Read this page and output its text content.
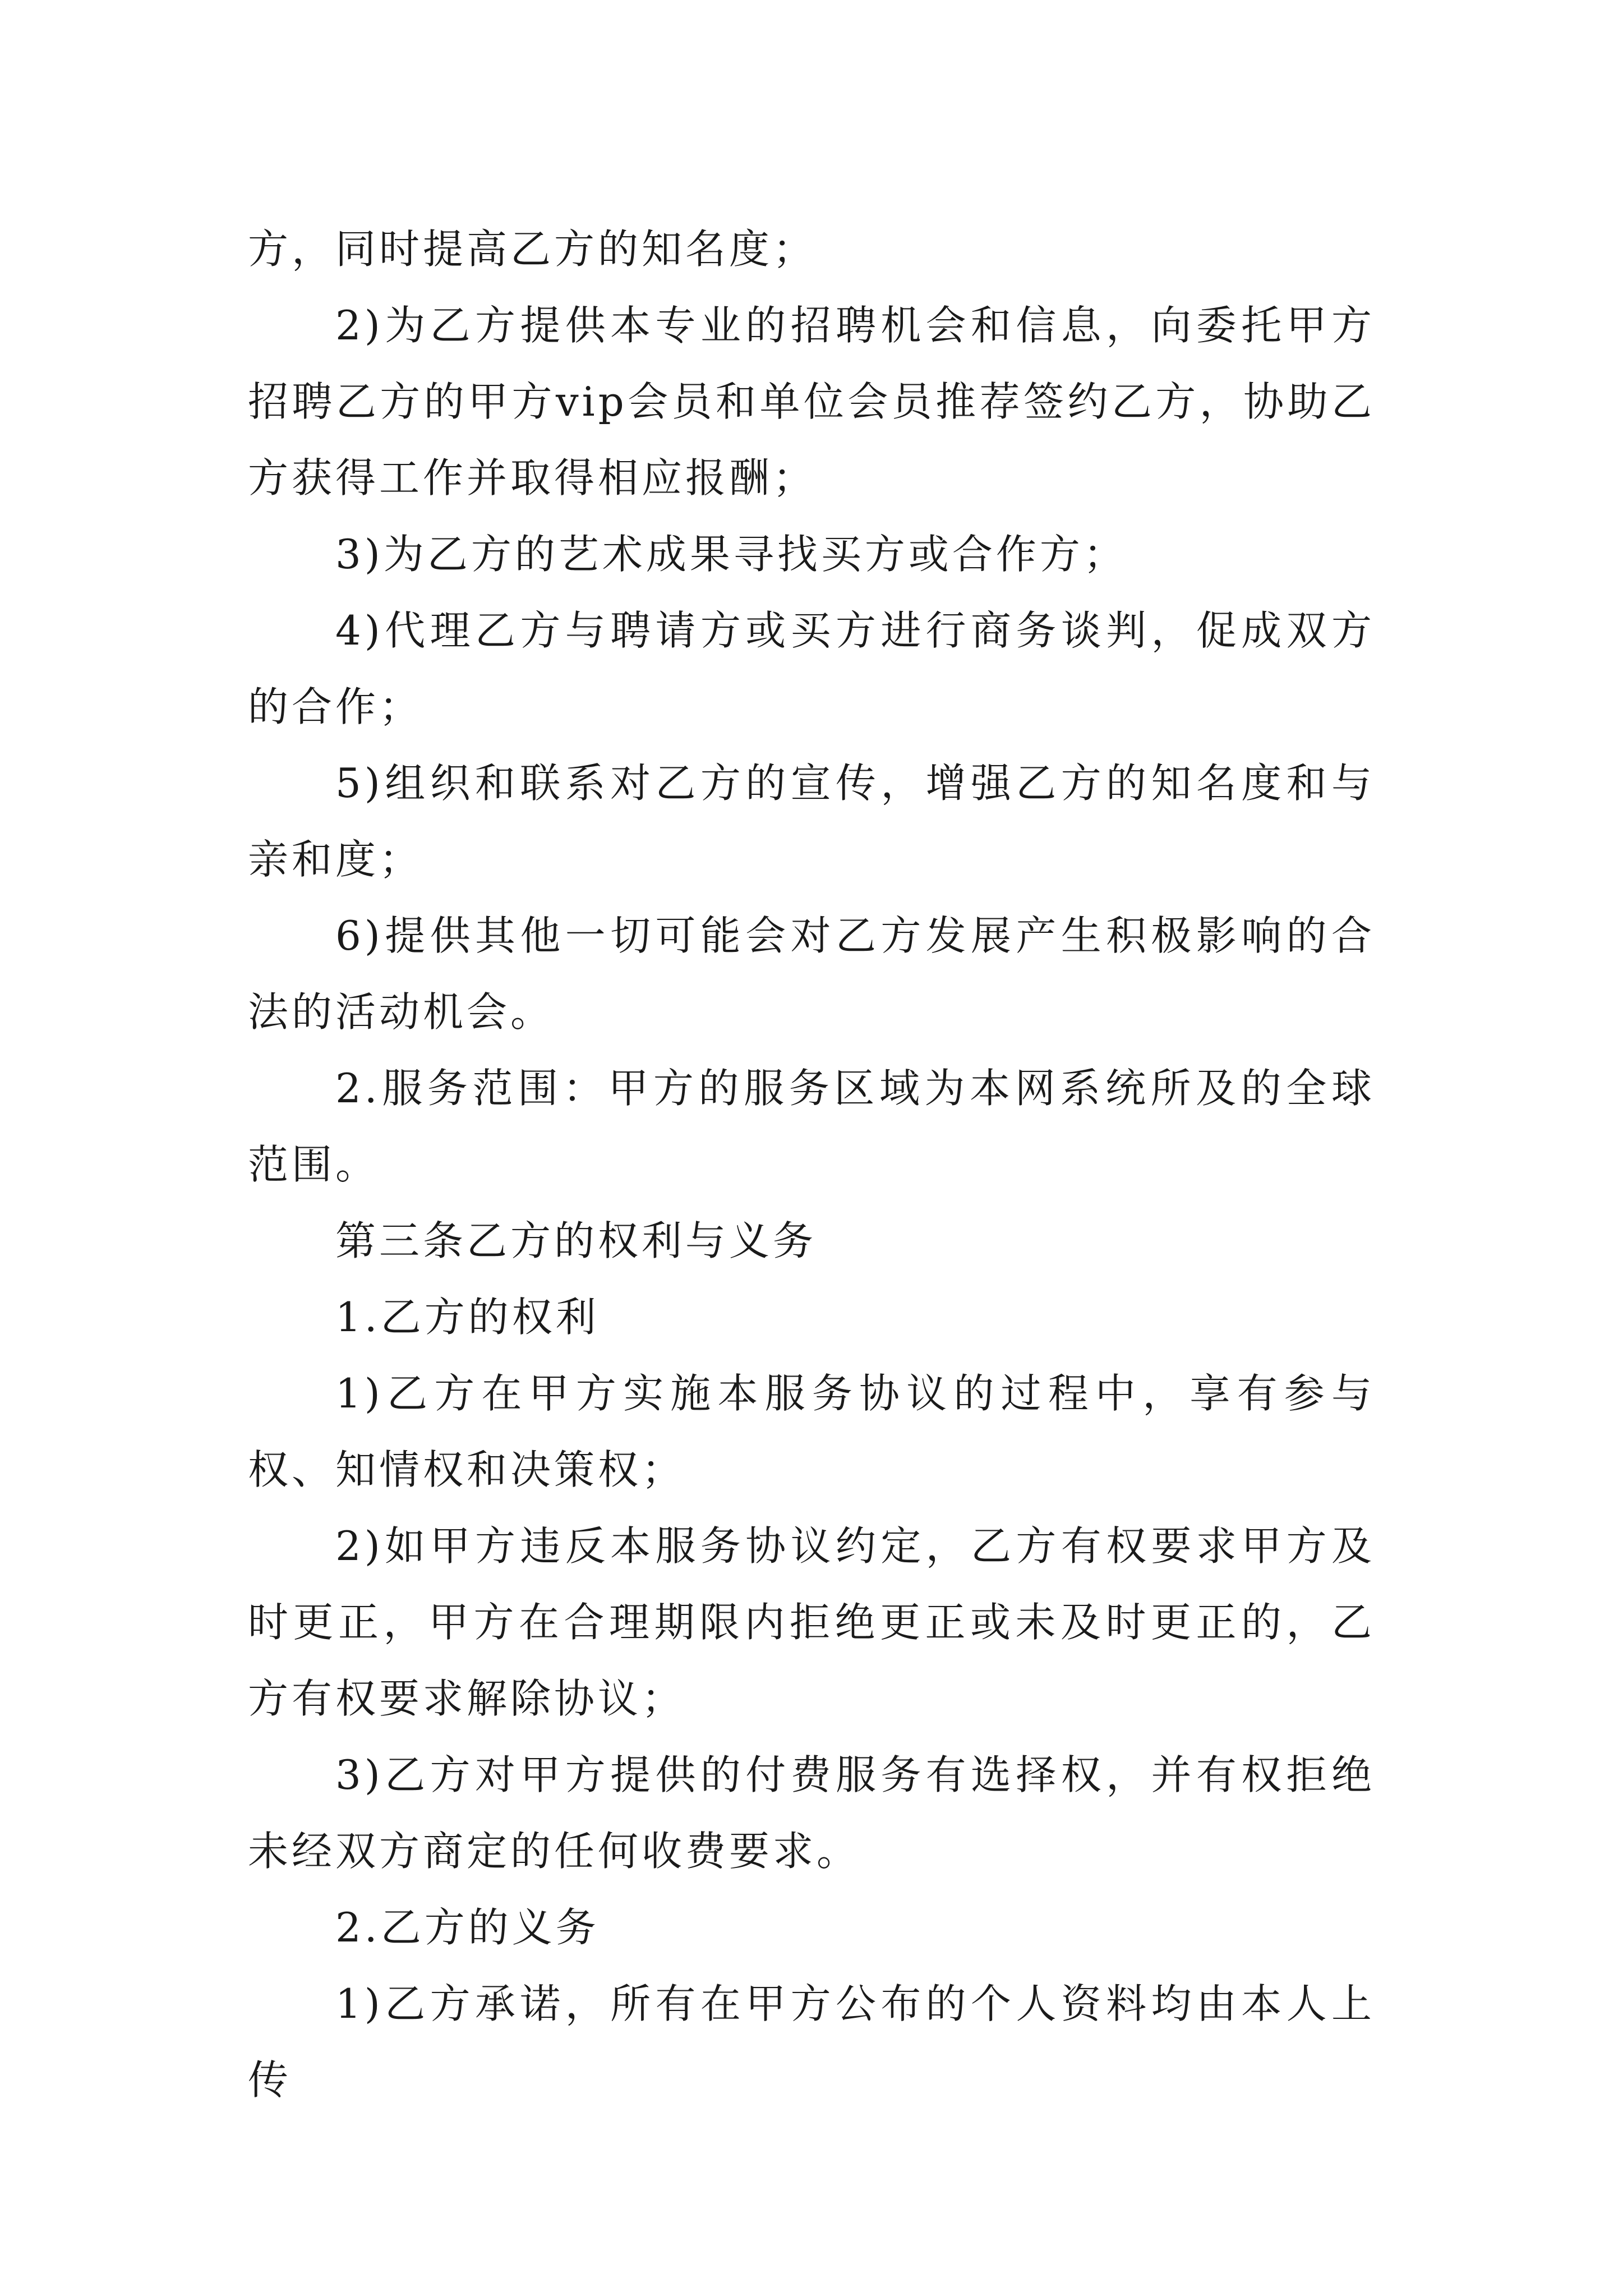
方，同时提高乙方的知名度；

2)为乙方提供本专业的招聘机会和信息，向委托甲方招聘乙方的甲方vip会员和单位会员推荐签约乙方，协助乙方获得工作并取得相应报酬；

3)为乙方的艺术成果寻找买方或合作方；

4)代理乙方与聘请方或买方进行商务谈判，促成双方的合作；

5)组织和联系对乙方的宣传，增强乙方的知名度和与亲和度；

6)提供其他一切可能会对乙方发展产生积极影响的合法的活动机会。

2.服务范围：甲方的服务区域为本网系统所及的全球范围。

第三条乙方的权利与义务

1.乙方的权利

1)乙方在甲方实施本服务协议的过程中，享有参与权、知情权和决策权；

2)如甲方违反本服务协议约定，乙方有权要求甲方及时更正，甲方在合理期限内拒绝更正或未及时更正的，乙方有权要求解除协议；

3)乙方对甲方提供的付费服务有选择权，并有权拒绝未经双方商定的任何收费要求。

2.乙方的义务

1)乙方承诺，所有在甲方公布的个人资料均由本人上传
